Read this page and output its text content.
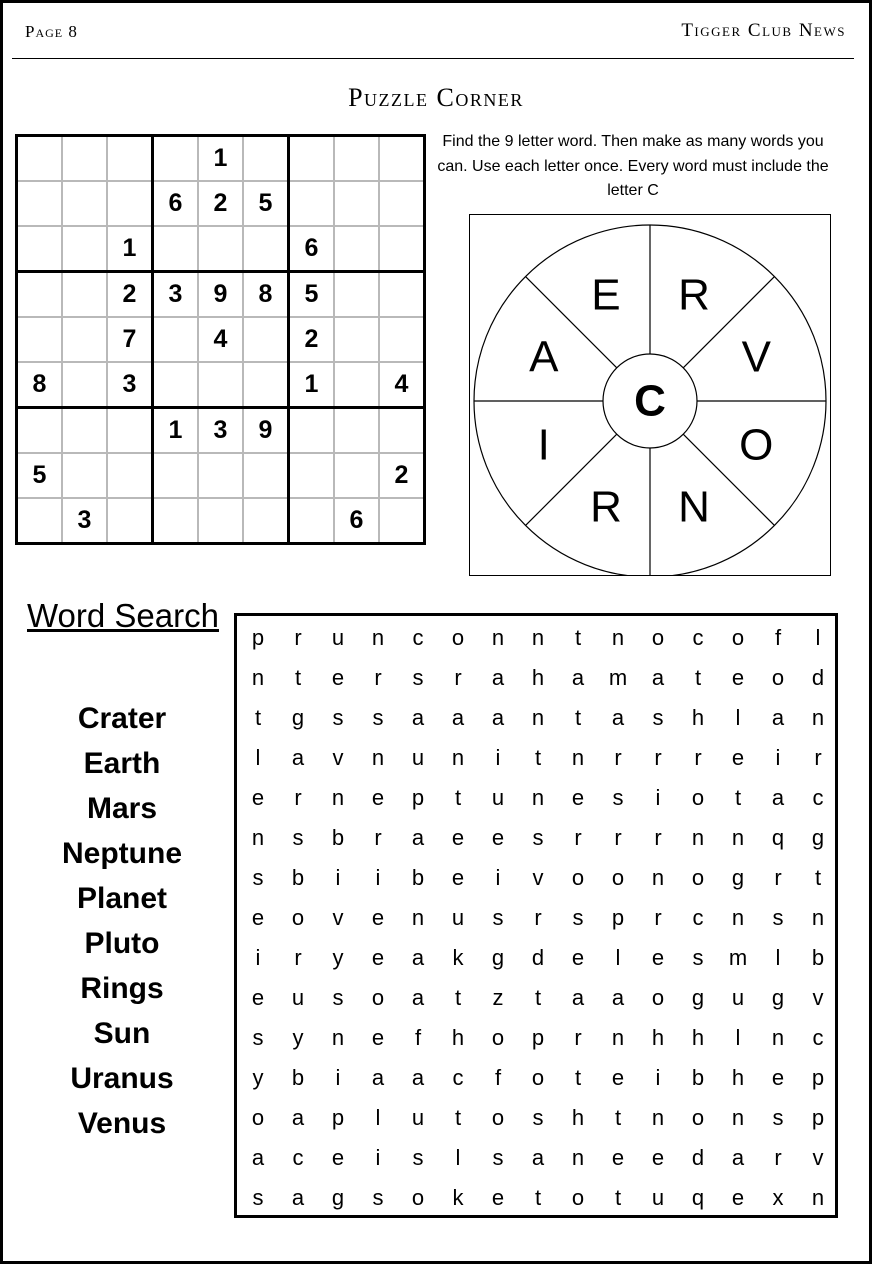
Page 8	Tigger Club News
Puzzle Corner
				1				
			6	2	5			
		1				6		
		2	3	9	8	5		
		7		4		2		
8		3				1		4
			1	3	9			
5								2
	3						6	
Find the 9 letter word. Then make as many words you can. Use each letter once. Every word must include the letter C
R
V
O
N
R
I
A
E
C
Word Search
Crater
Earth
Mars
Neptune
Planet
Pluto
Rings
Sun
Uranus
Venus
p	r	u	n	c	o	n	n	t	n	o	c	o	f	l
n	t	e	r	s	r	a	h	a	m	a	t	e	o	d
t	g	s	s	a	a	a	n	t	a	s	h	l	a	n
l	a	v	n	u	n	i	t	n	r	r	r	e	i	r
e	r	n	e	p	t	u	n	e	s	i	o	t	a	c
n	s	b	r	a	e	e	s	r	r	r	n	n	q	g
s	b	i	i	b	e	i	v	o	o	n	o	g	r	t
e	o	v	e	n	u	s	r	s	p	r	c	n	s	n
i	r	y	e	a	k	g	d	e	l	e	s	m	l	b
e	u	s	o	a	t	z	t	a	a	o	g	u	g	v
s	y	n	e	f	h	o	p	r	n	h	h	l	n	c
y	b	i	a	a	c	f	o	t	e	i	b	h	e	p
o	a	p	l	u	t	o	s	h	t	n	o	n	s	p
a	c	e	i	s	l	s	a	n	e	e	d	a	r	v
s	a	g	s	o	k	e	t	o	t	u	q	e	x	n
